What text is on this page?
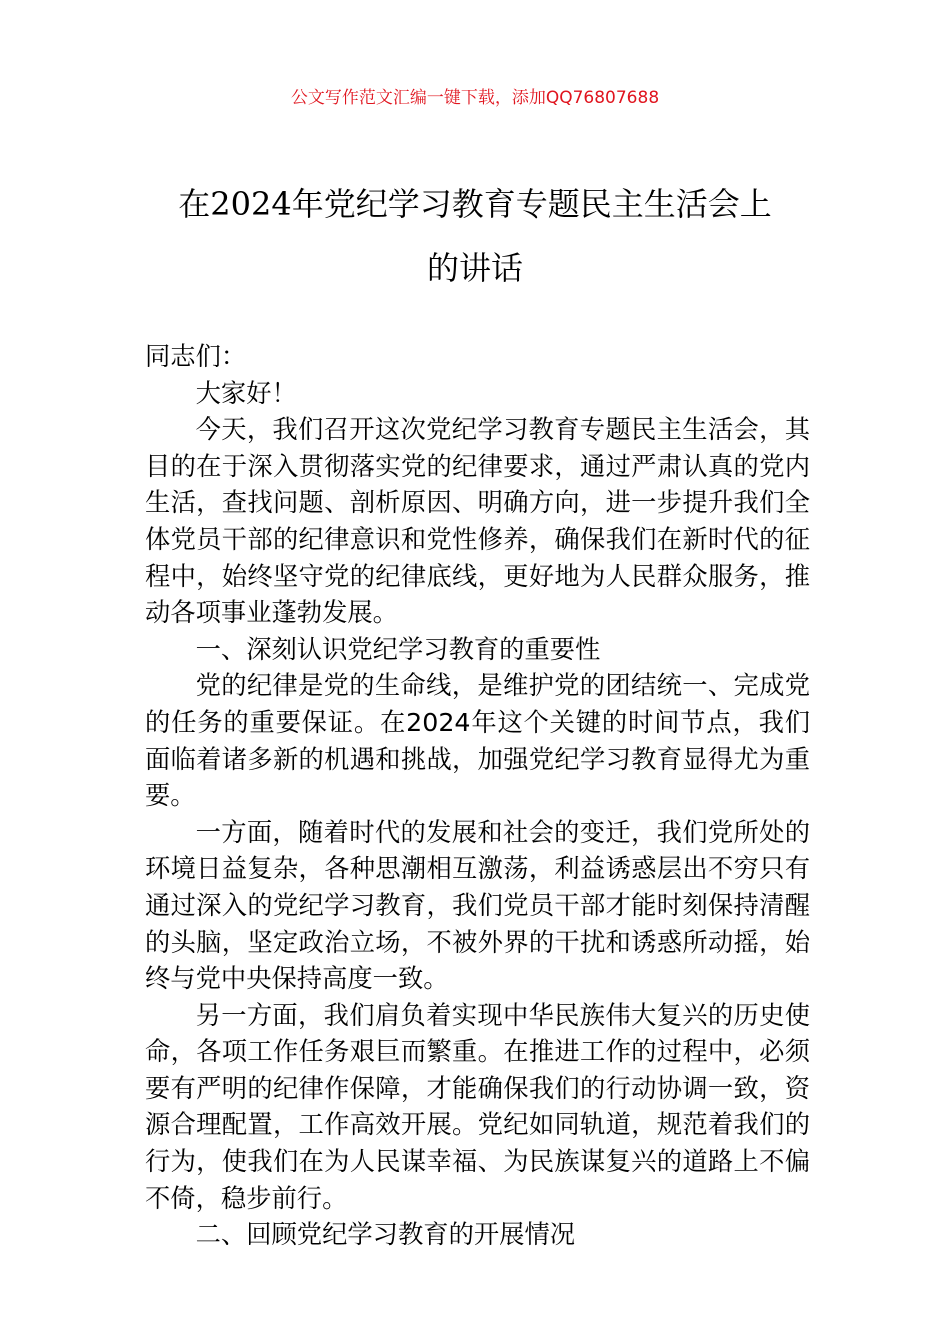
公文写作范文汇编一键下载，添加QQ76807688
在2024年党纪学习教育专题民主生活会上
的讲话

同志们：

大家好！

今天，我们召开这次党纪学习教育专题民主生活会，其目的在于深入贯彻落实党的纪律要求，通过严肃认真的党内生活，查找问题、剖析原因、明确方向，进一步提升我们全体党员干部的纪律意识和党性修养，确保我们在新时代的征程中，始终坚守党的纪律底线，更好地为人民群众服务，推动各项事业蓬勃发展。

一、深刻认识党纪学习教育的重要性

党的纪律是党的生命线，是维护党的团结统一、完成党的任务的重要保证。在2024年这个关键的时间节点，我们面临着诸多新的机遇和挑战，加强党纪学习教育显得尤为重要。

一方面，随着时代的发展和社会的变迁，我们党所处的环境日益复杂，各种思潮相互激荡，利益诱惑层出不穷只有通过深入的党纪学习教育，我们党员干部才能时刻保持清醒的头脑，坚定政治立场，不被外界的干扰和诱惑所动摇，始终与党中央保持高度一致。

另一方面，我们肩负着实现中华民族伟大复兴的历史使命，各项工作任务艰巨而繁重。在推进工作的过程中，必须要有严明的纪律作保障，才能确保我们的行动协调一致，资源合理配置，工作高效开展。党纪如同轨道，规范着我们的行为，使我们在为人民谋幸福、为民族谋复兴的道路上不偏不倚，稳步前行。

二、回顾党纪学习教育的开展情况
